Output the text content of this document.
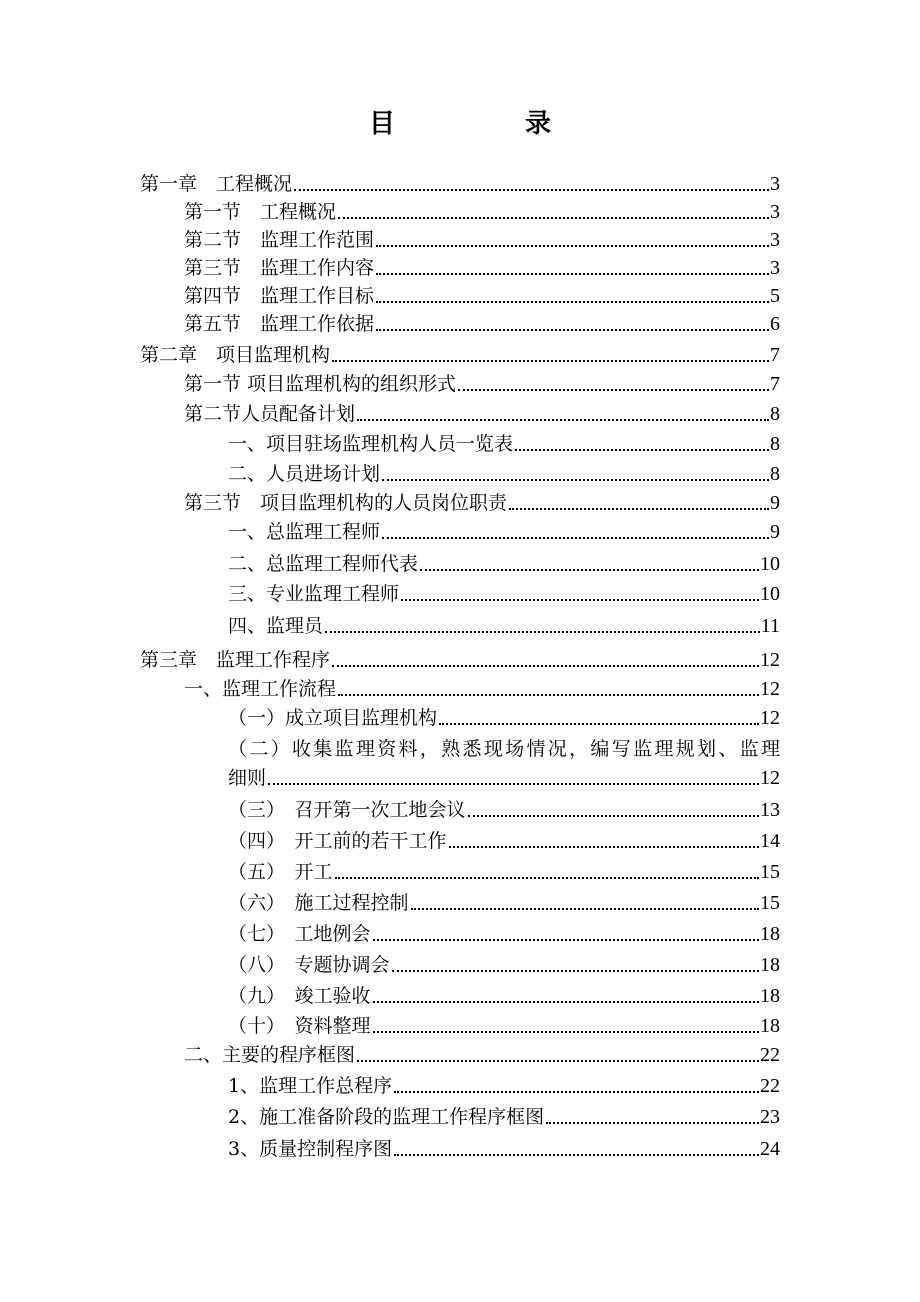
目　录
第一章　工程概况	3
第一节　工程概况	3
第二节　监理工作范围	3
第三节　监理工作内容	3
第四节　监理工作目标	5
第五节　监理工作依据	6
第二章　项目监理机构	7
第一节 项目监理机构的组织形式	7
第二节人员配备计划	8
一、项目驻场监理机构人员一览表	8
二、人员进场计划	8
第三节　项目监理机构的人员岗位职责	9
一、总监理工程师	9
二、总监理工程师代表	10
三、专业监理工程师	10
四、监理员	11
第三章　监理工作程序	12
一、监理工作流程	12
（一）成立项目监理机构	12
（二）收集监理资料，熟悉现场情况，编写监理规划、监理
细则	12
（三）　召开第一次工地会议	13
（四）　开工前的若干工作	14
（五）　开工	15
（六）　施工过程控制	15
（七）　工地例会	18
（八）　专题协调会	18
（九）　竣工验收	18
（十）　资料整理	18
二、主要的程序框图	22
1、监理工作总程序	22
2、施工准备阶段的监理工作程序框图	23
3、质量控制程序图	24
